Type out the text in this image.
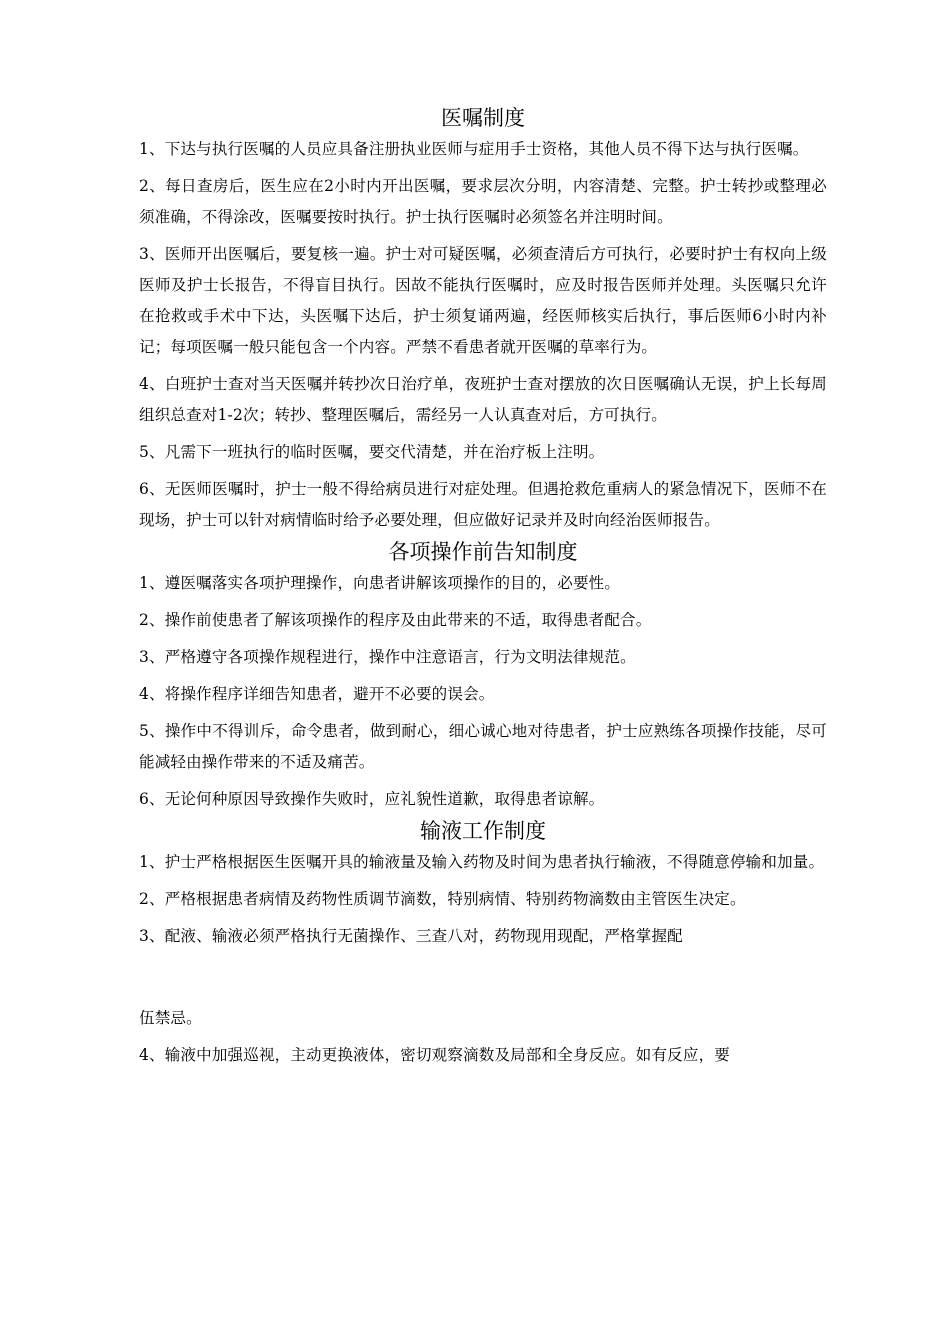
医嘱制度

1、下达与执行医嘱的人员应具备注册执业医师与症用手士资格，其他人员不得下达与执行医嘱。

2、每日查房后，医生应在2小时内开出医嘱，要求层次分明，内容清楚、完整。护士转抄或整理必须准确，不得涂改，医嘱要按时执行。护士执行医嘱时必须签名并注明时间。

3、医师开出医嘱后，要复核一遍。护士对可疑医嘱，必须查清后方可执行，必要时护士有权向上级医师及护士长报告，不得盲目执行。因故不能执行医嘱时，应及时报告医师并处理。头医嘱只允许在抢救或手术中下达，头医嘱下达后，护士须复诵两遍，经医师核实后执行，事后医师6小时内补记；每项医嘱一般只能包含一个内容。严禁不看患者就开医嘱的草率行为。

4、白班护士查对当天医嘱并转抄次日治疗单，夜班护士查对摆放的次日医嘱确认无误，护上长每周组织总查对1-2次；转抄、整理医嘱后，需经另一人认真查对后，方可执行。

5、凡需下一班执行的临时医嘱，要交代清楚，并在治疗板上注明。

6、无医师医嘱时，护士一般不得给病员进行对症处理。但遇抢救危重病人的紧急情况下，医师不在现场，护士可以针对病情临时给予必要处理，但应做好记录并及时向经治医师报告。

各项操作前告知制度

1、遵医嘱落实各项护理操作，向患者讲解该项操作的目的，必要性。

2、操作前使患者了解该项操作的程序及由此带来的不适，取得患者配合。

3、严格遵守各项操作规程进行，操作中注意语言，行为文明法律规范。

4、将操作程序详细告知患者，避开不必要的误会。

5、操作中不得训斥，命令患者，做到耐心，细心诚心地对待患者，护士应熟练各项操作技能，尽可能减轻由操作带来的不适及痛苦。

6、无论何种原因导致操作失败时，应礼貌性道歉，取得患者谅解。

输液工作制度

1、护士严格根据医生医嘱开具的输液量及输入药物及时间为患者执行输液，不得随意停输和加量。

2、严格根据患者病情及药物性质调节滴数，特别病情、特别药物滴数由主管医生决定。

3、配液、输液必须严格执行无菌操作、三查八对，药物现用现配，严格掌握配

伍禁忌。

4、输液中加强巡视，主动更换液体，密切观察滴数及局部和全身反应。如有反应，要
